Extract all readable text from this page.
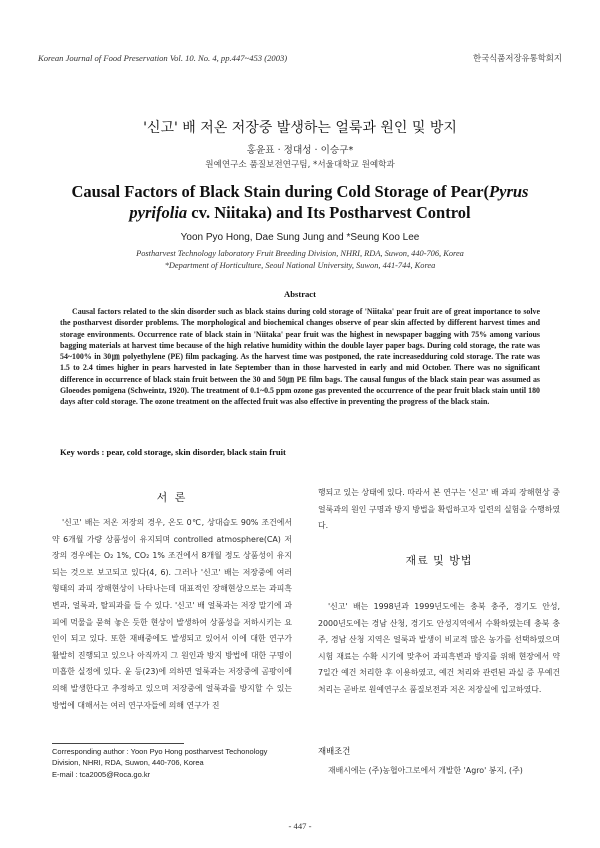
Korean Journal of Food Preservation Vol. 10. No. 4, pp.447~453 (2003)	한국식품저장유통학회지
'신고' 배 저온 저장중 발생하는 얼룩과 원인 및 방지
홍윤표 · 정대성 · 이승구*
원예연구소 품질보전연구팀, *서울대학교 원예학과
Causal Factors of Black Stain during Cold Storage of Pear(Pyrus pyrifolia cv. Niitaka) and Its Postharvest Control
Yoon Pyo Hong, Dae Sung Jung and *Seung Koo Lee
Postharvest Technology laboratory Fruit Breeding Division, NHRI, RDA, Suwon, 440-706, Korea
*Department of Horticulture, Seoul National University, Suwon, 441-744, Korea
Abstract
Causal factors related to the skin disorder such as black stains during cold storage of 'Niitaka' pear fruit are of great importance to solve the postharvest disorder problems. The morphological and biochemical changes observe of pear skin affected by different harvest times and storage environments. Occurrence rate of black stain in 'Niitaka' pear fruit was the highest in newspaper bagging with 75% among various bagging materials at harvest time because of the high relative humidity within the double layer paper bags. During cold storage, the rate was 54~100% in 30㎛ polyethylene (PE) film packaging. As the harvest time was postponed, the rate increasedduring cold storage. The rate was 1.5 to 2.4 times higher in pears harvested in late September than in those harvested in early and mid October. There was no significant difference in occurrence of black stain fruit between the 30 and 50㎛ PE film bags. The causal fungus of the black stain pear was assumed as Gloeodes pomigena (Schweintz, 1920). The treatment of 0.1~0.5 ppm ozone gas prevented the occurrence of the pear fruit black stain until 180 days after cold storage. The ozone treatment on the affected fruit was also effective in preventing the progress of the black stain.
Key words : pear, cold storage, skin disorder, black stain fruit
서 론

'신고' 배는 저온 저장의 경우, 온도 0℃, 상대습도 90% 조건에서 약 6개월 가량 상품성이 유지되며 controlled atmosphere(CA) 저장의 경우에는 O₂ 1%, CO₂ 1% 조건에서 8개월 정도 상품성이 유지되는 것으로 보고되고 있다(4, 6). 그러나 '신고' 배는 저장중에 여러 형태의 과피 장해현상이 나타나는데 대표적인 장해현상으로는 과피흑변과, 얼룩과, 탈피과를 들 수 있다. '신고' 배 얼룩과는 저장 말기에 과피에 먹물을 묻혀 놓은 듯한 현상이 발생하여 상품성을 저하시키는 요인이 되고 있다. 또한 재배중에도 발생되고 있어서 이에 대한 연구가 활발히 진행되고 있으나 아직까지 그 원인과 방지 방법에 대한 구명이 미흡한 실정에 있다. 윤 등(23)에 의하면 얼룩과는 저장중에 곰팡이에 의해 발생한다고 추정하고 있으며 저장중에 얼룩과를 방지할 수 있는 방법에 대해서는 여러 연구자들에 의해 연구가 진

행되고 있는 상태에 있다. 따라서 본 연구는 '신고' 배 과피 장해현상 중 얼룩과의 원인 구명과 방지 방법을 확립하고자 일련의 실험을 수행하였다.

재료 및 방법

'신고' 배는 1998년과 1999년도에는 충북 충주, 경기도 안성, 2000년도에는 경남 산청, 경기도 안성지역에서 수확하였는데 충북 충주, 경남 산청 지역은 얼룩과 발생이 비교적 많은 농가를 선택하였으며 시험 재료는 수확 시기에 맞추어 과피흑변과 방지를 위해 현장에서 약 7일간 예건 처리한 후 이용하였고, 예건 처리와 관련된 과실 증 무예건 처리는 곧바로 원예연구소 품질보전과 저온 저장실에 입고하였다.

재배조건
재배시에는 (주)농협아그로에서 개발한 'Agro' 봉지, (주)
Corresponding author : Yoon Pyo Hong postharvest Techonology
Division, NHRI, RDA, Suwon, 440-706, Korea
E-mail : tca2005@Roca.go.kr
- 447 -
